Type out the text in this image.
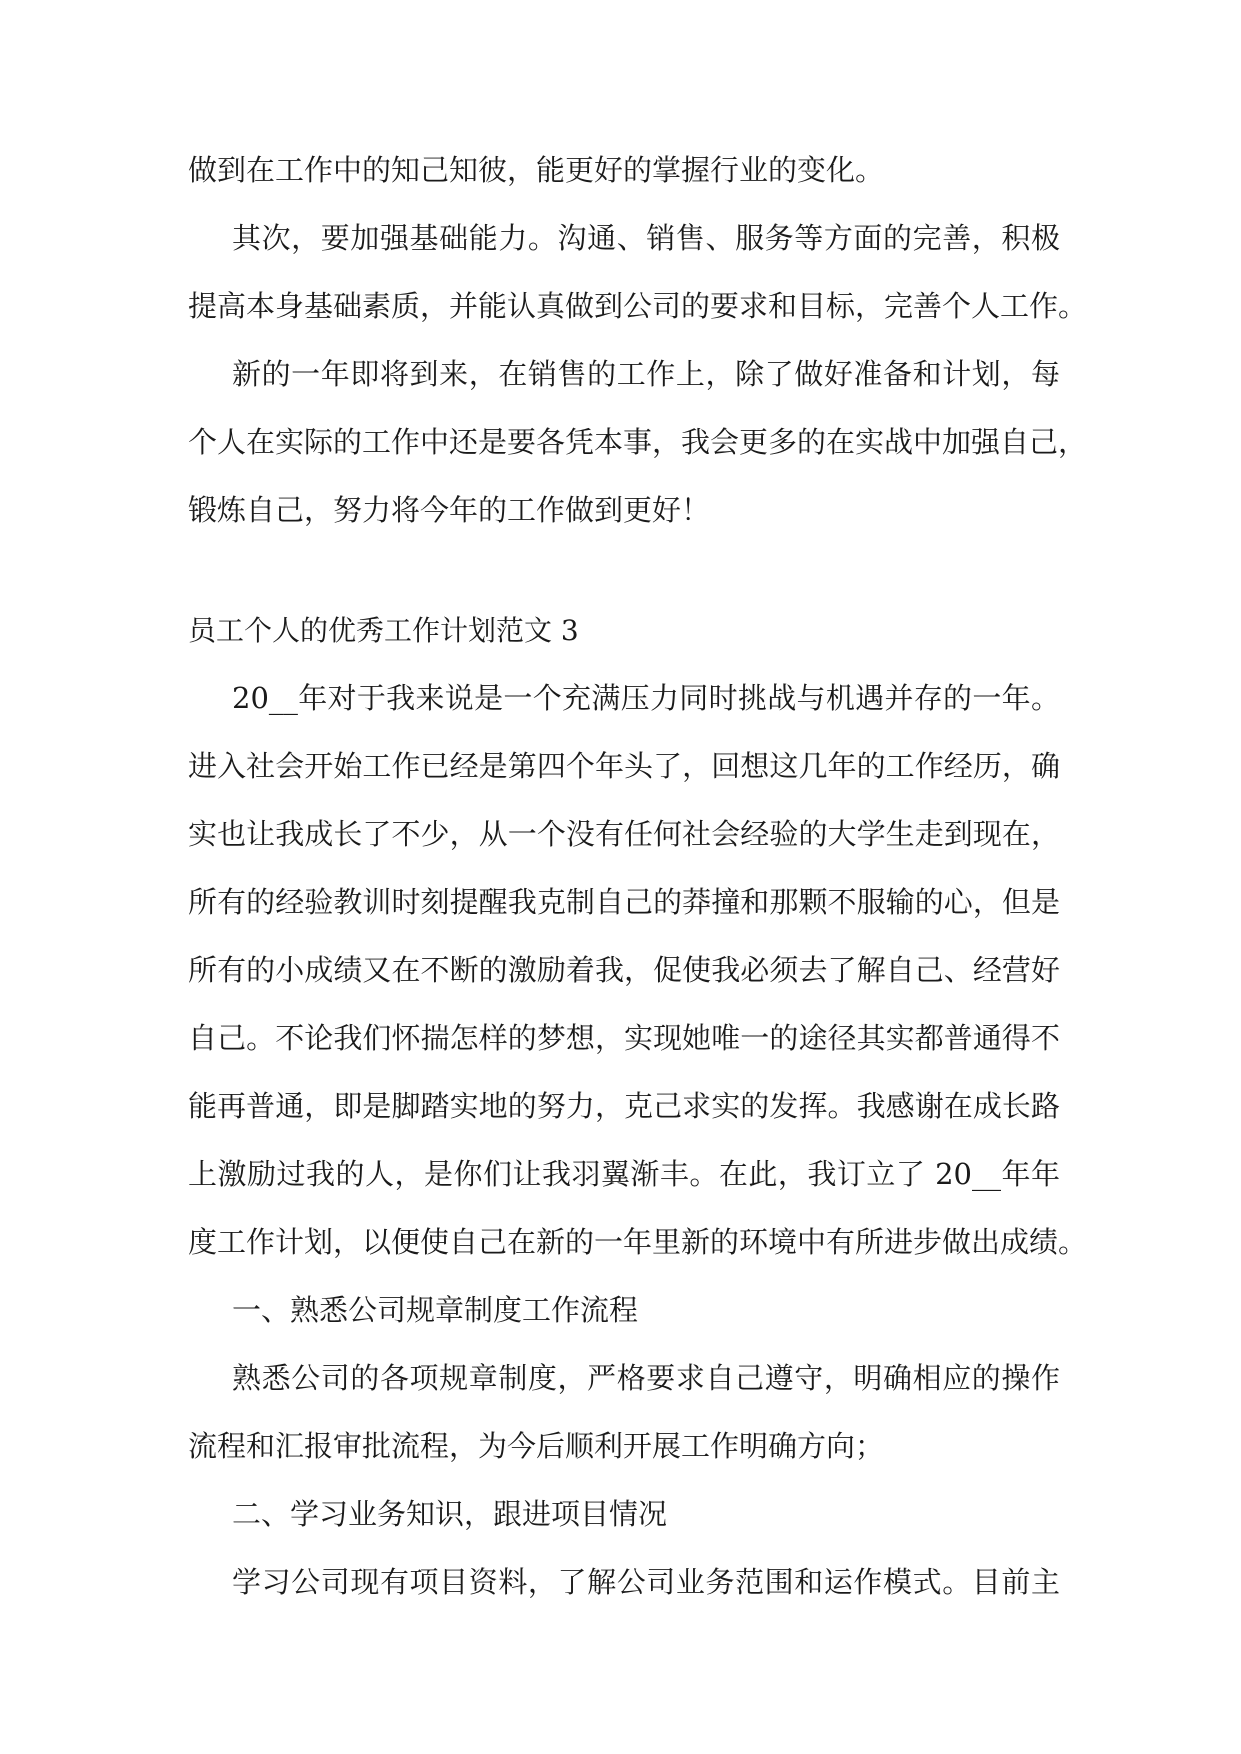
做到在工作中的知己知彼，能更好的掌握行业的变化。

其次，要加强基础能力。沟通、销售、服务等方面的完善，积极

提高本身基础素质，并能认真做到公司的要求和目标，完善个人工作。

新的一年即将到来，在销售的工作上，除了做好准备和计划，每

个人在实际的工作中还是要各凭本事，我会更多的在实战中加强自己，

锻炼自己，努力将今年的工作做到更好！

员工个人的优秀工作计划范文 3

20__年对于我来说是一个充满压力同时挑战与机遇并存的一年。

进入社会开始工作已经是第四个年头了，回想这几年的工作经历，确

实也让我成长了不少，从一个没有任何社会经验的大学生走到现在，

所有的经验教训时刻提醒我克制自己的莽撞和那颗不服输的心，但是

所有的小成绩又在不断的激励着我，促使我必须去了解自己、经营好

自己。不论我们怀揣怎样的梦想，实现她唯一的途径其实都普通得不

能再普通，即是脚踏实地的努力，克己求实的发挥。我感谢在成长路

上激励过我的人，是你们让我羽翼渐丰。在此，我订立了 20__年年

度工作计划，以便使自己在新的一年里新的环境中有所进步做出成绩。

一、熟悉公司规章制度工作流程

熟悉公司的各项规章制度，严格要求自己遵守，明确相应的操作

流程和汇报审批流程，为今后顺利开展工作明确方向；

二、学习业务知识，跟进项目情况

学习公司现有项目资料，了解公司业务范围和运作模式。目前主
